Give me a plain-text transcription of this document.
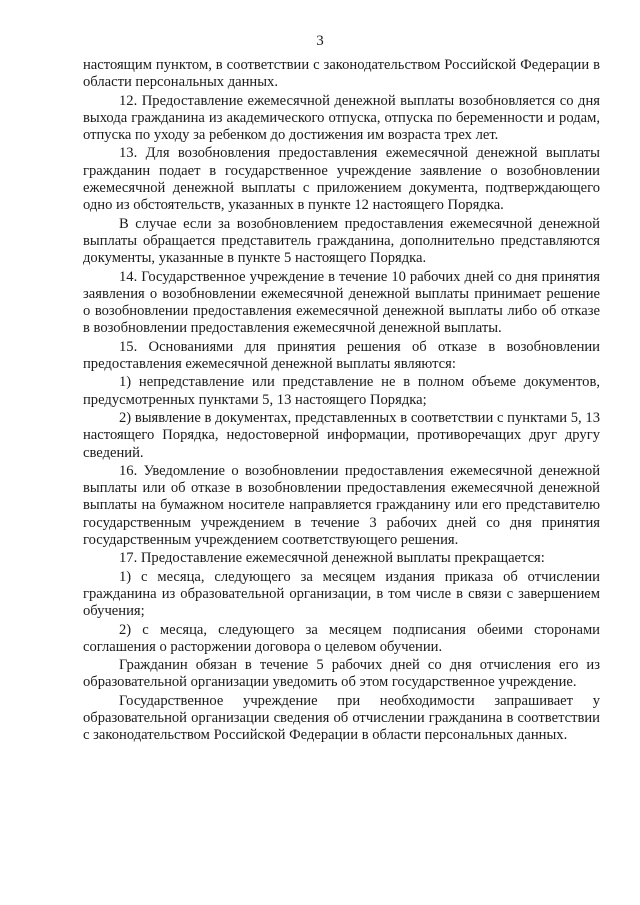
3

настоящим пунктом, в соответствии с законодательством Российской Федерации в области персональных данных.

12. Предоставление ежемесячной денежной выплаты возобновляется со дня выхода гражданина из академического отпуска, отпуска по беременности и родам, отпуска по уходу за ребенком до достижения им возраста трех лет.

13. Для возобновления предоставления ежемесячной денежной выплаты гражданин подает в государственное учреждение заявление о возобновлении ежемесячной денежной выплаты с приложением документа, подтверждающего одно из обстоятельств, указанных в пункте 12 настоящего Порядка.

В случае если за возобновлением предоставления ежемесячной денежной выплаты обращается представитель гражданина, дополнительно представляются документы, указанные в пункте 5 настоящего Порядка.

14. Государственное учреждение в течение 10 рабочих дней со дня принятия заявления о возобновлении ежемесячной денежной выплаты принимает решение о возобновлении предоставления ежемесячной денежной выплаты либо об отказе в возобновлении предоставления ежемесячной денежной выплаты.

15. Основаниями для принятия решения об отказе в возобновлении предоставления ежемесячной денежной выплаты являются:

1) непредставление или представление не в полном объеме документов, предусмотренных пунктами 5, 13 настоящего Порядка;

2) выявление в документах, представленных в соответствии с пунктами 5, 13 настоящего Порядка, недостоверной информации, противоречащих друг другу сведений.

16. Уведомление о возобновлении предоставления ежемесячной денежной выплаты или об отказе в возобновлении предоставления ежемесячной денежной выплаты на бумажном носителе направляется гражданину или его представителю государственным учреждением в течение 3 рабочих дней со дня принятия государственным учреждением соответствующего решения.

17. Предоставление ежемесячной денежной выплаты прекращается:

1) с месяца, следующего за месяцем издания приказа об отчислении гражданина из образовательной организации, в том числе в связи с завершением обучения;

2) с месяца, следующего за месяцем подписания обеими сторонами соглашения о расторжении договора о целевом обучении.

Гражданин обязан в течение 5 рабочих дней со дня отчисления его из образовательной организации уведомить об этом государственное учреждение.

Государственное учреждение при необходимости запрашивает у образовательной организации сведения об отчислении гражданина в соответствии с законодательством Российской Федерации в области персональных данных.
